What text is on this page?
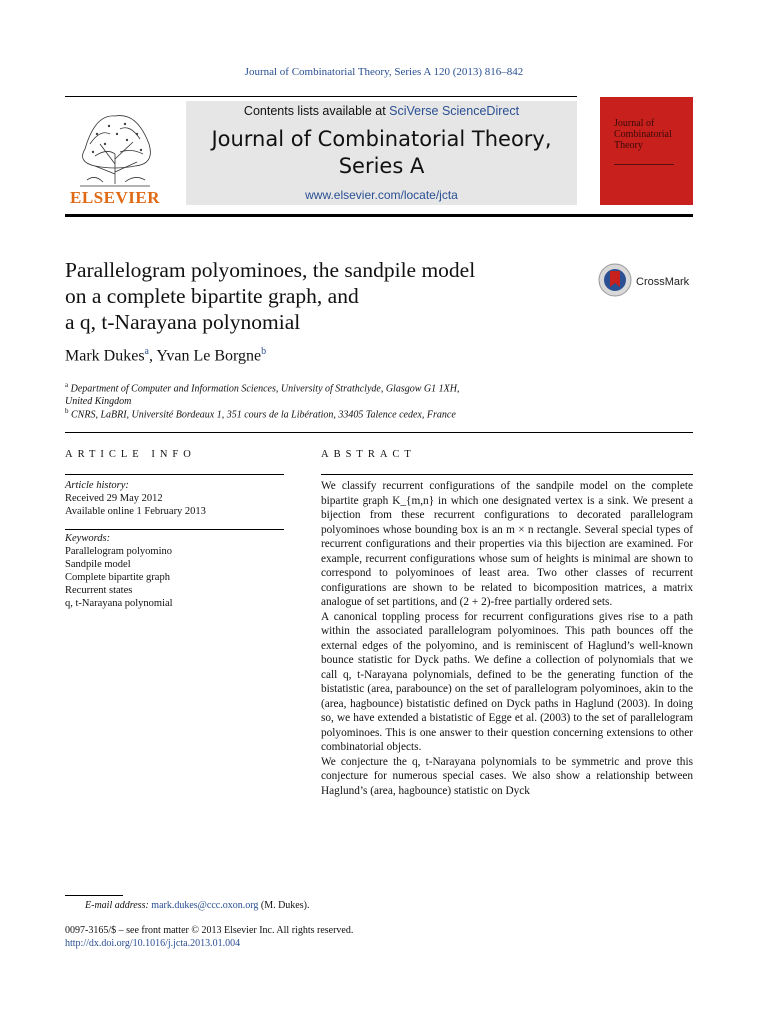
Journal of Combinatorial Theory, Series A 120 (2013) 816–842
ELSEVIER
Contents lists available at SciVerse ScienceDirect
Journal of Combinatorial Theory,
Series A
www.elsevier.com/locate/jcta
Journal of Combinatorial Theory
Parallelogram polyominoes, the sandpile model
on a complete bipartite graph, and
a q, t-Narayana polynomial
CrossMark
Mark Dukes$^a$, Yvan Le Borgne$^b$
$^a$ Department of Computer and Information Sciences, University of Strathclyde, Glasgow G1 1XH,
United Kingdom
$^b$ CNRS, LaBRI, Université Bordeaux 1, 351 cours de la Libération, 33405 Talence cedex, France
ARTICLE INFO
Article history:
Received 29 May 2012
Available online 1 February 2013
Keywords:
Parallelogram polyomino
Sandpile model
Complete bipartite graph
Recurrent states
q, t-Narayana polynomial
ABSTRACT

We classify recurrent configurations of the sandpile model on the complete bipartite graph K_{m,n} in which one designated vertex is a sink. We present a bijection from these recurrent configurations to decorated parallelogram polyominoes whose bounding box is an m × n rectangle. Several special types of recurrent configurations and their properties via this bijection are examined. For example, recurrent configurations whose sum of heights is minimal are shown to correspond to polyominoes of least area. Two other classes of recurrent configurations are shown to be related to bicomposition matrices, a matrix analogue of set partitions, and (2 + 2)-free partially ordered sets.

A canonical toppling process for recurrent configurations gives rise to a path within the associated parallelogram polyominoes. This path bounces off the external edges of the polyomino, and is reminiscent of Haglund’s well-known bounce statistic for Dyck paths. We define a collection of polynomials that we call q, t-Narayana polynomials, defined to be the generating function of the bistatistic (area, parabounce) on the set of parallelogram polyominoes, akin to the (area, hagbounce) bistatistic defined on Dyck paths in Haglund (2003). In doing so, we have extended a bistatistic of Egge et al. (2003) to the set of parallelogram polyominoes. This is one answer to their question concerning extensions to other combinatorial objects.

We conjecture the q, t-Narayana polynomials to be symmetric and prove this conjecture for numerous special cases. We also show a relationship between Haglund’s (area, hagbounce) statistic on Dyck

E-mail address: mark.dukes@ccc.oxon.org (M. Dukes).
0097-3165/$ – see front matter © 2013 Elsevier Inc. All rights reserved.
http://dx.doi.org/10.1016/j.jcta.2013.01.004
